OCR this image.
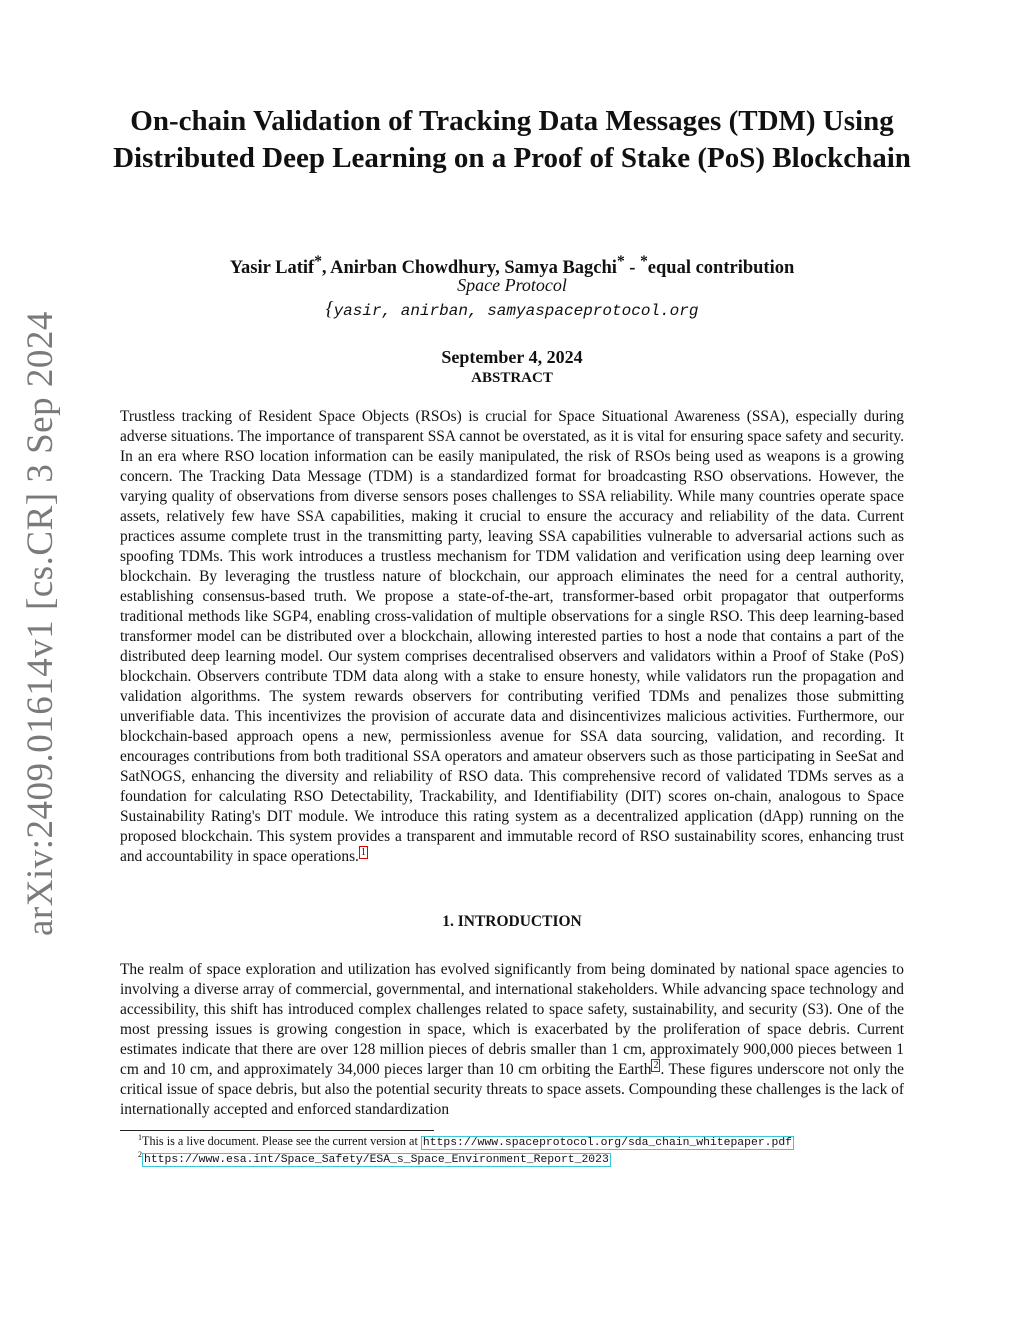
arXiv:2409.01614v1 [cs.CR] 3 Sep 2024
On-chain Validation of Tracking Data Messages (TDM) Using Distributed Deep Learning on a Proof of Stake (PoS) Blockchain
Yasir Latif*, Anirban Chowdhury, Samya Bagchi* - *equal contribution
Space Protocol
{yasir, anirban, samyaspaceprotocol.org
September 4, 2024
ABSTRACT

Trustless tracking of Resident Space Objects (RSOs) is crucial for Space Situational Awareness (SSA), especially during adverse situations. The importance of transparent SSA cannot be overstated, as it is vital for ensuring space safety and security. In an era where RSO location information can be easily manipulated, the risk of RSOs being used as weapons is a growing concern. The Tracking Data Message (TDM) is a standardized format for broadcasting RSO observations. However, the varying quality of observations from diverse sensors poses challenges to SSA reliability. While many countries operate space assets, relatively few have SSA capabilities, making it crucial to ensure the accuracy and reliability of the data. Current practices assume complete trust in the transmitting party, leaving SSA capabilities vulnerable to adversarial actions such as spoofing TDMs. This work introduces a trustless mechanism for TDM validation and verification using deep learning over blockchain. By leveraging the trustless nature of blockchain, our approach eliminates the need for a central authority, establishing consensus-based truth. We propose a state-of-the-art, transformer-based orbit propagator that outperforms traditional methods like SGP4, enabling cross-validation of multiple observations for a single RSO. This deep learning-based transformer model can be distributed over a blockchain, allowing interested parties to host a node that contains a part of the distributed deep learning model. Our system comprises decentralised observers and validators within a Proof of Stake (PoS) blockchain. Observers contribute TDM data along with a stake to ensure honesty, while validators run the propagation and validation algorithms. The system rewards observers for contributing verified TDMs and penalizes those submitting unverifiable data. This incentivizes the provision of accurate data and disincentivizes malicious activities. Furthermore, our blockchain-based approach opens a new, permissionless avenue for SSA data sourcing, validation, and recording. It encourages contributions from both traditional SSA operators and amateur observers such as those participating in SeeSat and SatNOGS, enhancing the diversity and reliability of RSO data. This comprehensive record of validated TDMs serves as a foundation for calculating RSO Detectability, Trackability, and Identifiability (DIT) scores on-chain, analogous to Space Sustainability Rating's DIT module. We introduce this rating system as a decentralized application (dApp) running on the proposed blockchain. This system provides a transparent and immutable record of RSO sustainability scores, enhancing trust and accountability in space operations. $^1$

1. INTRODUCTION

The realm of space exploration and utilization has evolved significantly from being dominated by national space agencies to involving a diverse array of commercial, governmental, and international stakeholders. While advancing space technology and accessibility, this shift has introduced complex challenges related to space safety, sustainability, and security (S3). One of the most pressing issues is growing congestion in space, which is exacerbated by the proliferation of space debris. Current estimates indicate that there are over 128 million pieces of debris smaller than 1 cm, approximately 900,000 pieces between 1 cm and 10 cm, and approximately 34,000 pieces larger than 10 cm orbiting the Earth $^2$ . These figures underscore not only the critical issue of space debris, but also the potential security threats to space assets. Compounding these challenges is the lack of internationally accepted and enforced standardization

$^1$This is a live document. Please see the current version at https://www.spaceprotocol.org/sda_chain_whitepaper.pdf
$^2$ https://www.esa.int/Space_Safety/ESA_s_Space_Environment_Report_2023
